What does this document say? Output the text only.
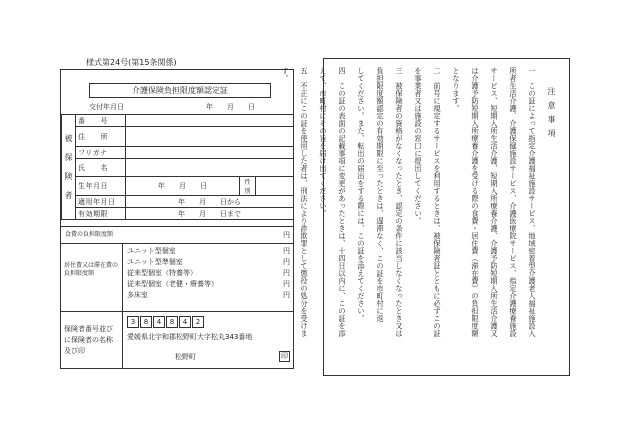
様式第24号(第15条関係)
介護保険負担限度額認定証
交付年月日	年　　月　　日
被
保
険
者	番　　号			
	住　　所			
	フリガナ			
	氏　　名			
	生年月日	年　　月　　日	性別	
	適用年月日	年　　月　　日から		
	有効期限	年　　月　　日まで		
食費の負担限度額	円
居住費又は滞在費の負担限度額
ユニット型個室	円
ユニット型準個室	円
従来型個室（特養等）	円
従来型個室（老健・療養等）	円
多床室	円
保険者番号並びに保険者の名称及び印
3	8	4	8	4	2
愛媛県北宇和郡松野町大字松丸343番地
松野町	印
注意事項
一　この証によって指定介護福祉施設サービス、地域密着型介護老人福祉施設入
所者生活介護、介護保健施設サービス、介護医療院サービス、指定介護療養施設
サービス、短期入所生活介護、短期入所療養介護、介護予防短期入所生活介護又
は介護予防短期入所療養介護を受ける際の食費・居住費（滞在費）の負担限度額
となります。
二　前号に規定するサービスを利用するときは、被保険者証とともに必ずこの証
を事業者又は施設の窓口に提出してください。
三　被保険者の資格がなくなったとき、認定の条件に該当しなくなったとき又は
負担限度額認定の有効期限に至ったときは、遅滞なく、この証を市町村に返
してください。また、転出の届出をする際には、この証を添えてください。
四　この証の表面の記載事項に変更があったときは、十四日以内に、この証を添
えて、市町村にその旨を届け出てください。
五　不正にこの証を使用した者は、刑法により詐欺罪として懲役の処分を受けま
す。
